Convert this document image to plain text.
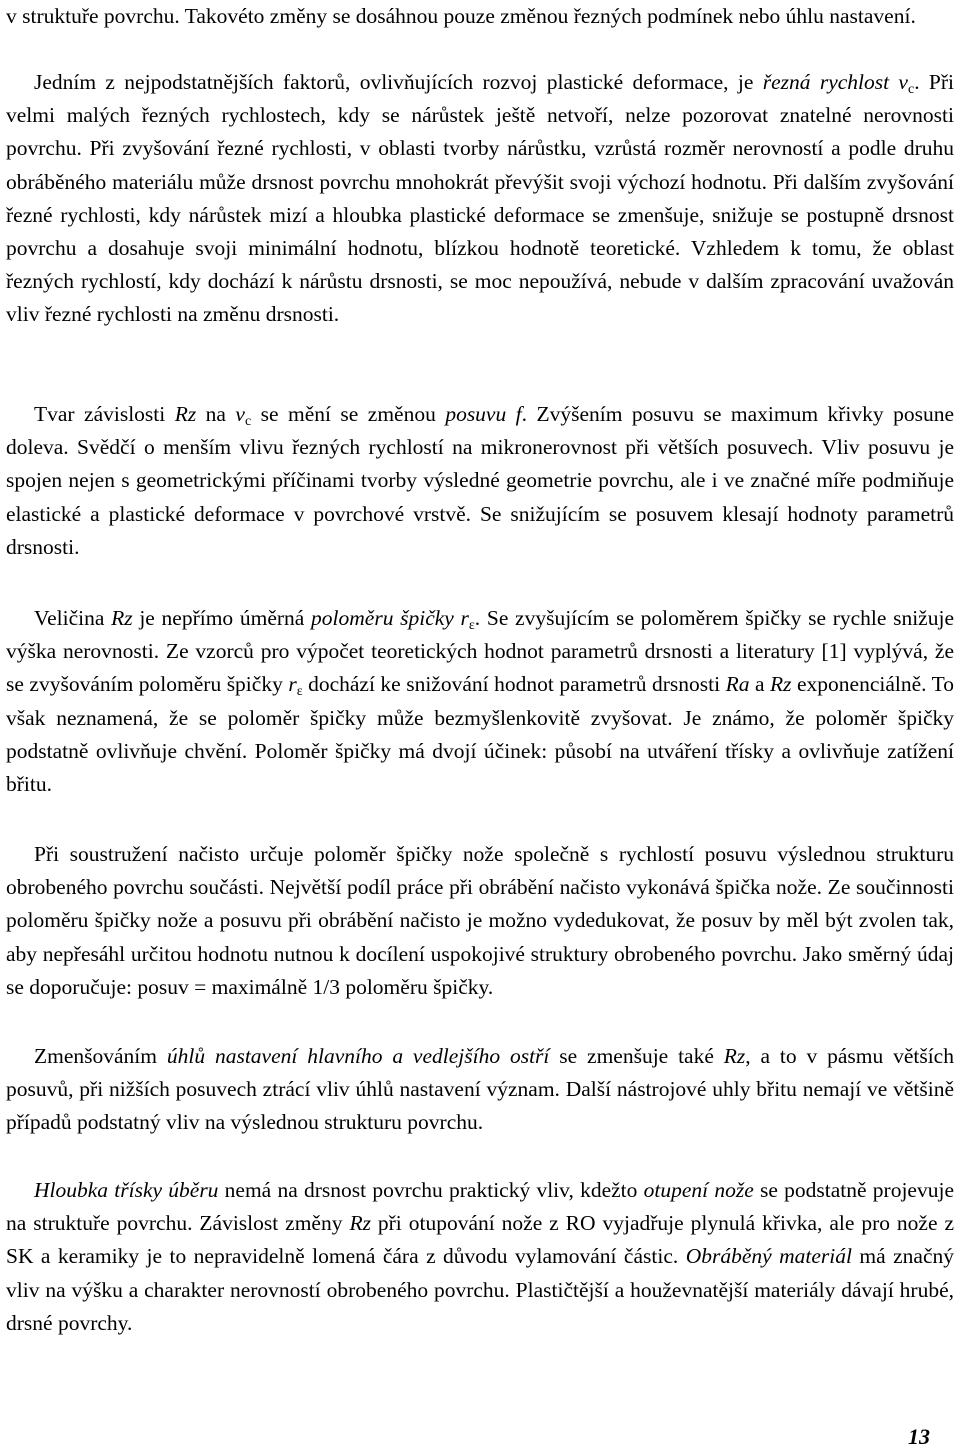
v struktuře povrchu. Takovéto změny se dosáhnou pouze změnou řezných podmínek nebo úhlu nastavení.

Jedním z nejpodstatnějších faktorů, ovlivňujících rozvoj plastické deformace, je řezná rychlost $v_c$. Při velmi malých řezných rychlostech, kdy se nárůstek ještě netvoří, nelze pozorovat znatelné nerovnosti povrchu. Při zvyšování řezné rychlosti, v oblasti tvorby nárůstku, vzrůstá rozměr nerovností a podle druhu obráběného materiálu může drsnost povrchu mnohokrát převýšit svoji výchozí hodnotu. Při dalším zvyšování řezné rychlosti, kdy nárůstek mizí a hloubka plastické deformace se zmenšuje, snižuje se postupně drsnost povrchu a dosahuje svoji minimální hodnotu, blízkou hodnotě teoretické. Vzhledem k tomu, že oblast řezných rychlostí, kdy dochází k nárůstu drsnosti, se moc nepoužívá, nebude v dalším zpracování uvažován vliv řezné rychlosti na změnu drsnosti.

Tvar závislosti Rz na $v_c$ se mění se změnou posuvu f. Zvýšením posuvu se maximum křivky posune doleva. Svědčí o menším vlivu řezných rychlostí na mikronerovnost při větších posuvech. Vliv posuvu je spojen nejen s geometrickými příčinami tvorby výsledné geometrie povrchu, ale i ve značné míře podmiňuje elastické a plastické deformace v povrchové vrstvě. Se snižujícím se posuvem klesají hodnoty parametrů drsnosti.

Veličina Rz je nepřímo úměrná poloměru špičky $r_\varepsilon$. Se zvyšujícím se poloměrem špičky se rychle snižuje výška nerovnosti. Ze vzorců pro výpočet teoretických hodnot parametrů drsnosti a literatury [1] vyplývá, že se zvyšováním poloměru špičky $r_\varepsilon$ dochází ke snižování hodnot parametrů drsnosti Ra a Rz exponenciálně. To však neznamená, že se poloměr špičky může bezmyšlenkovitě zvyšovat. Je známo, že poloměr špičky podstatně ovlivňuje chvění. Poloměr špičky má dvojí účinek: působí na utváření třísky a ovlivňuje zatížení břitu.

Při soustružení načisto určuje poloměr špičky nože společně s rychlostí posuvu výslednou strukturu obrobeného povrchu součásti. Největší podíl práce při obrábění načisto vykonává špička nože. Ze součinnosti poloměru špičky nože a posuvu při obrábění načisto je možno vydedukovat, že posuv by měl být zvolen tak, aby nepřesáhl určitou hodnotu nutnou k docílení uspokojivé struktury obrobeného povrchu. Jako směrný údaj se doporučuje: posuv = maximálně 1/3 poloměru špičky.

Zmenšováním úhlů nastavení hlavního a vedlejšího ostří se zmenšuje také Rz, a to v pásmu větších posuvů, při nižších posuvech ztrácí vliv úhlů nastavení význam. Další nástrojové uhly břitu nemají ve většině případů podstatný vliv na výslednou strukturu povrchu.

Hloubka třísky úběru nemá na drsnost povrchu praktický vliv, kdežto otupení nože se podstatně projevuje na struktuře povrchu. Závislost změny Rz při otupování nože z RO vyjadřuje plynulá křivka, ale pro nože z SK a keramiky je to nepravidelně lomená čára z důvodu vylamování částic. Obráběný materiál má značný vliv na výšku a charakter nerovností obrobeného povrchu. Plastičtější a houževnatější materiály dávají hrubé, drsné povrchy.

13
